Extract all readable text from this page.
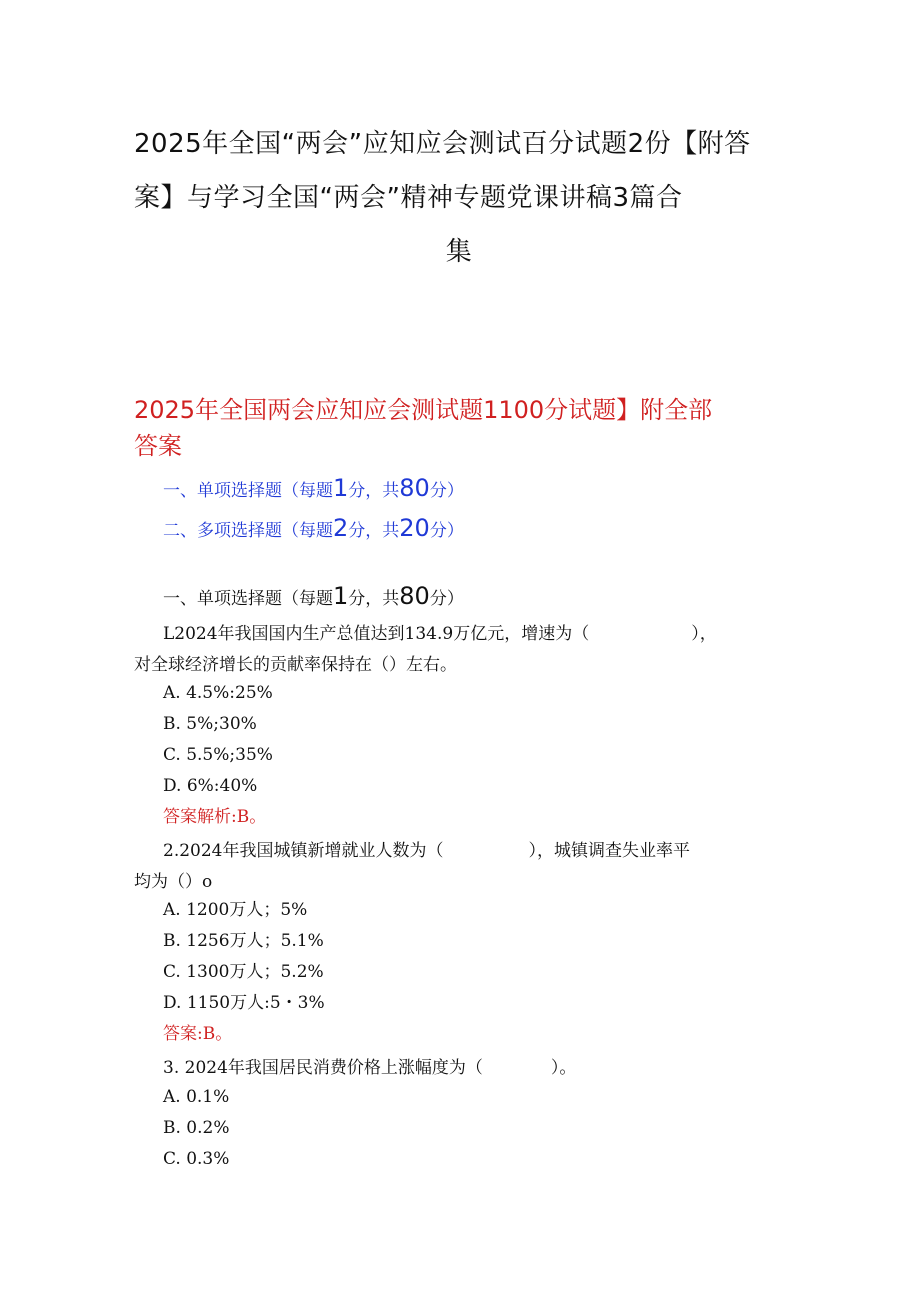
2025年全国“两会”应知应会测试百分试题2份【附答
案】与学习全国“两会”精神专题党课讲稿3篇合

集
2025年全国两会应知应会测试题1100分试题】附全部
答案
一、单项选择题（每题1分，共80分）
二、多项选择题（每题2分，共20分）
一、单项选择题（每题1分，共80分）
L2024年我国国内生产总值达到134.9万亿元，增速为（　　　　　　），
对全球经济增长的贡献率保持在（）左右。
A. 4.5%:25%
B. 5%;30%
C. 5.5%;35%
D. 6%:40%
答案解析:B。
2.2024年我国城镇新增就业人数为（　　　　　），城镇调查失业率平
均为（）o
A. 1200万人；5%
B. 1256万人；5.1%
C. 1300万人；5.2%
D. 1150万人:5・3%
答案:B。
3. 2024年我国居民消费价格上涨幅度为（　　　　）。
A. 0.1%
B. 0.2%
C. 0.3%
